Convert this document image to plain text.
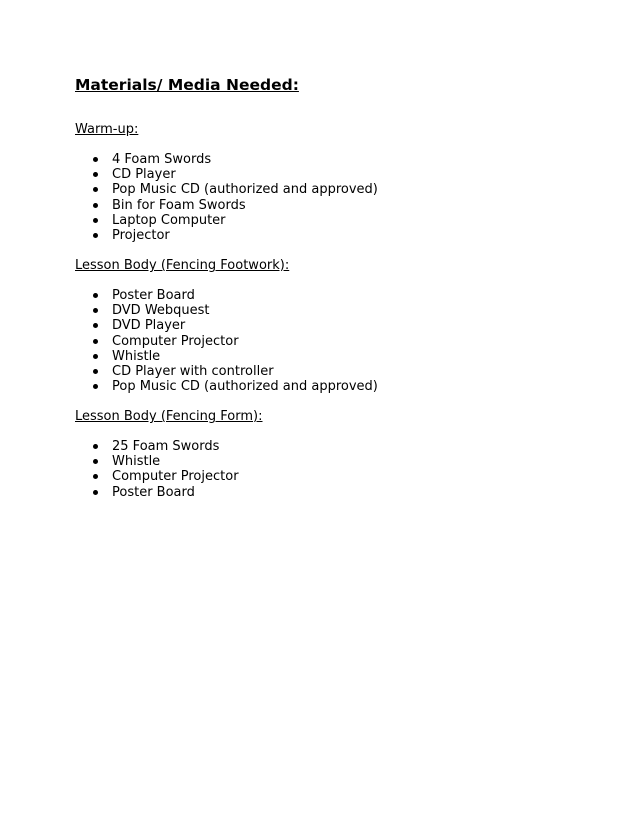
Materials/ Media Needed:
Warm-up:
4 Foam Swords
CD Player
Pop Music CD (authorized and approved)
Bin for Foam Swords
Laptop Computer
Projector
Lesson Body (Fencing Footwork):
Poster Board
DVD Webquest
DVD Player
Computer Projector
Whistle
CD Player with controller
Pop Music CD (authorized and approved)
Lesson Body (Fencing Form):
25 Foam Swords
Whistle
Computer Projector
Poster Board
